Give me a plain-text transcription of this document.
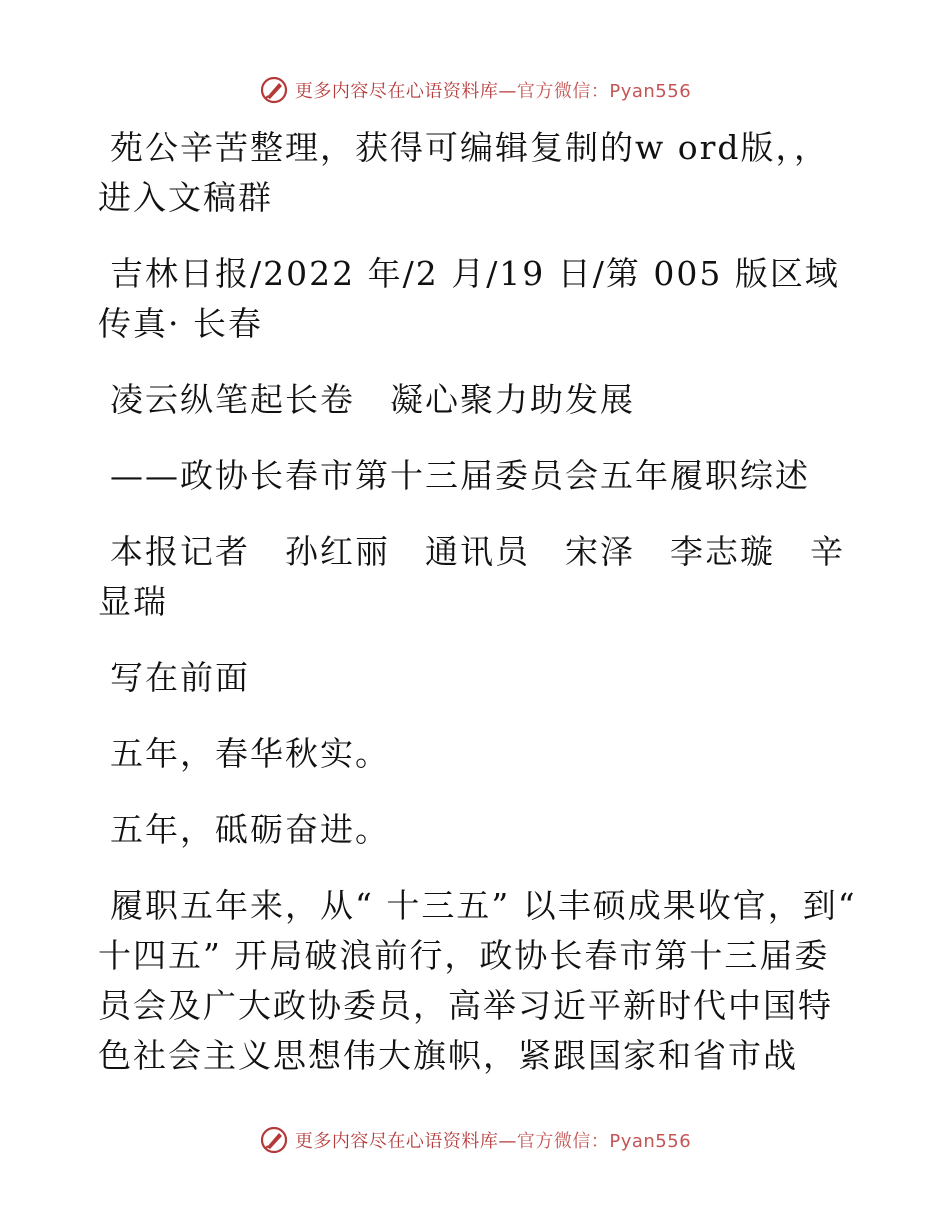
更多内容尽在心语资料库—官方微信：Pyan556

苑公辛苦整理，获得可编辑复制的w ord版，，进入文稿群

吉林日报/2022 年/2 月/19 日/第 005 版区域传真· 长春

凌云纵笔起长卷　凝心聚力助发展

——政协长春市第十三届委员会五年履职综述

本报记者　孙红丽　通讯员　宋泽　李志璇　辛显瑞

写在前面

五年，春华秋实。

五年，砥砺奋进。

履职五年来，从“ 十三五” 以丰硕成果收官，到“ 十四五” 开局破浪前行，政协长春市第十三届委员会及广大政协委员，高举习近平新时代中国特色社会主义思想伟大旗帜，紧跟国家和省市战

更多内容尽在心语资料库—官方微信：Pyan556
